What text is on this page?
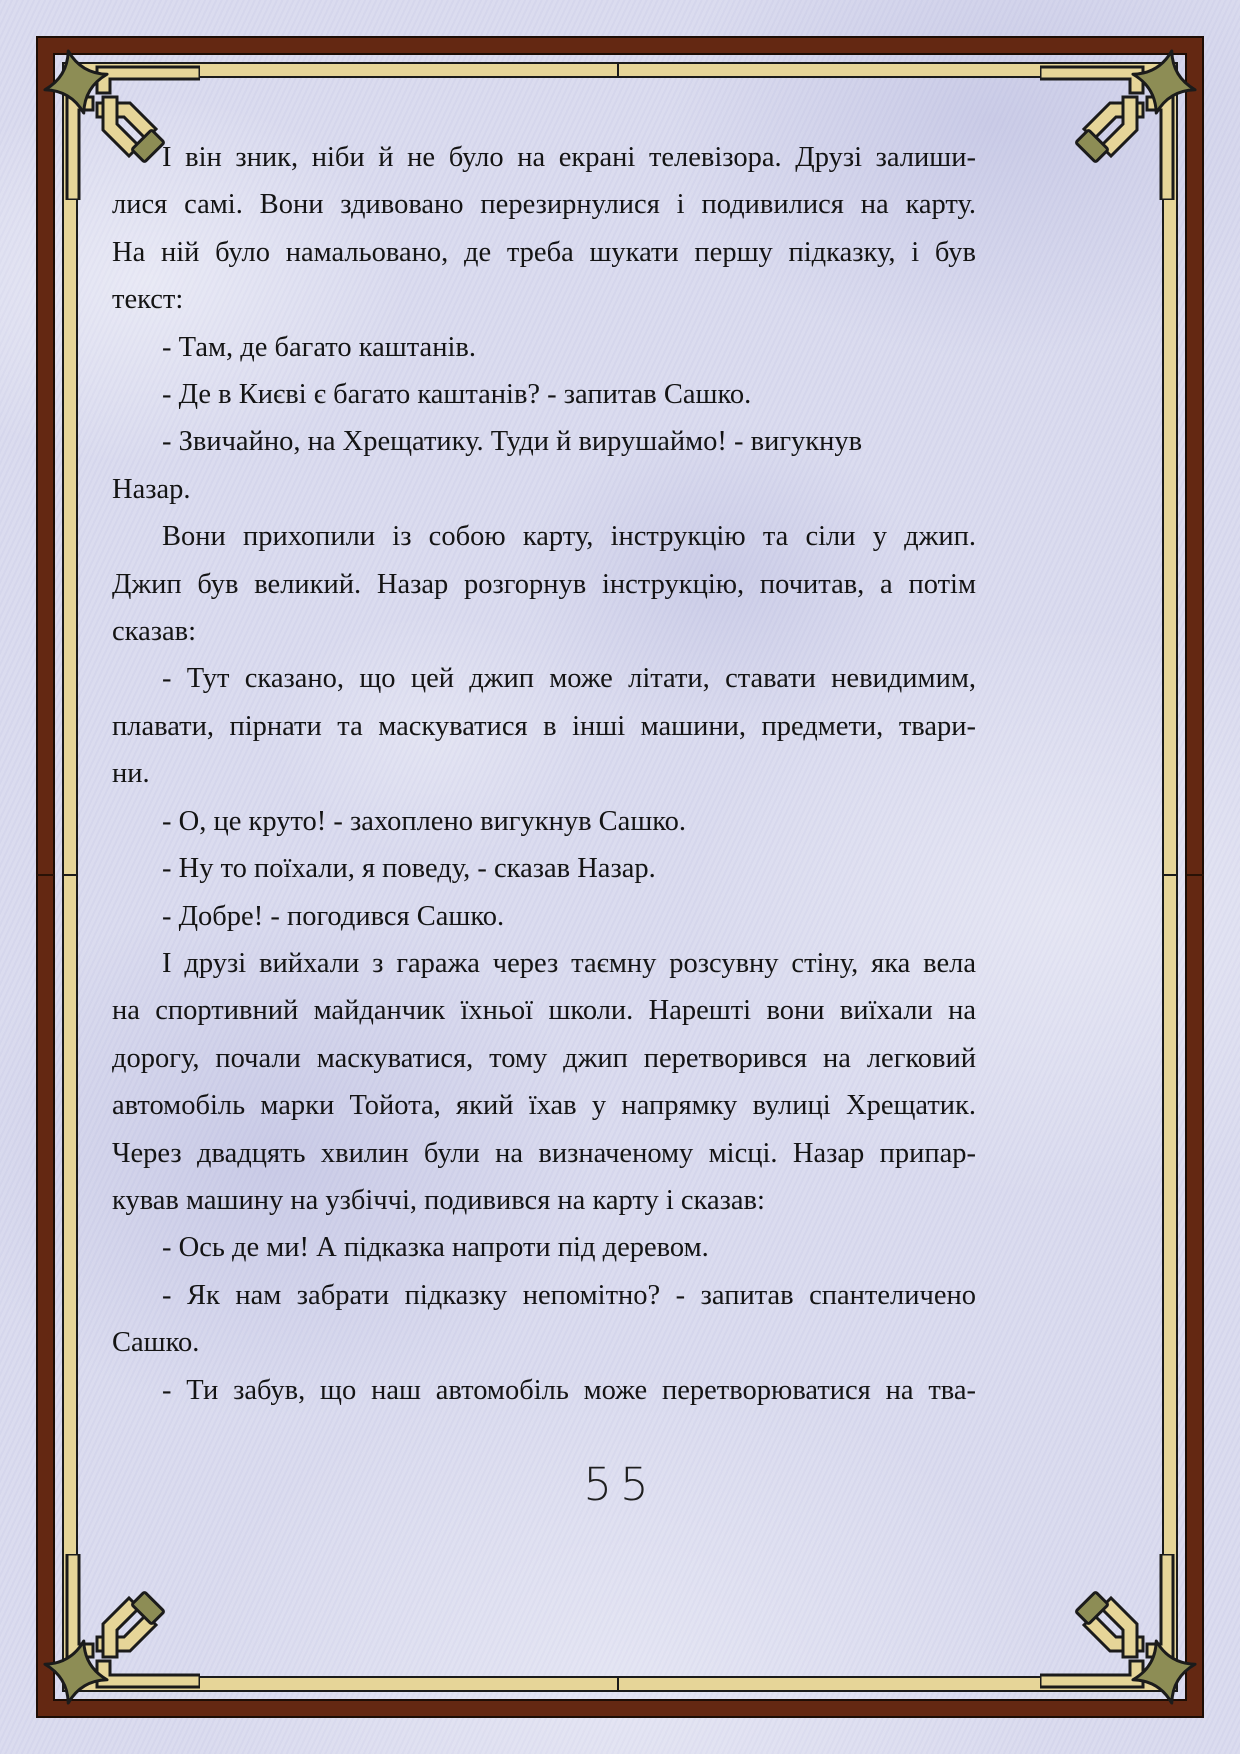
І він зник, ніби й не було на екрані телевізора. Друзі залиши-
лися самі. Вони здивовано перезирнулися і подивилися на карту.
На ній було намальовано, де треба шукати першу підказку, і був
текст:
- Там, де багато каштанів.
- Де в Києві є багато каштанів? - запитав Сашко.
- Звичайно, на Хрещатику. Туди й вирушаймо! - вигукнув
Назар.
Вони прихопили із собою карту, інструкцію та сіли у джип.
Джип був великий. Назар розгорнув інструкцію, почитав, а потім
сказав:
- Тут сказано, що цей джип може літати, ставати невидимим,
плавати, пірнати та маскуватися в інші машини, предмети, твари-
ни.
- О, це круто! - захоплено вигукнув Сашко.
- Ну то поїхали, я поведу, - сказав Назар.
- Добре! - погодився Сашко.
І друзі вийхали з гаража через таємну розсувну стіну, яка вела
на спортивний майданчик їхньої школи. Нарешті вони виїхали на
дорогу, почали маскуватися, тому джип перетворився на легковий
автомобіль марки Тойота, який їхав у напрямку вулиці Хрещатик.
Через двадцять хвилин були на визначеному місці. Назар припар-
кував машину на узбіччі, подивився на карту і сказав:
- Ось де ми! А підказка напроти під деревом.
- Як нам забрати підказку непомітно? - запитав спантеличено
Сашко.
- Ти забув, що наш автомобіль може перетворюватися на тва-
55
